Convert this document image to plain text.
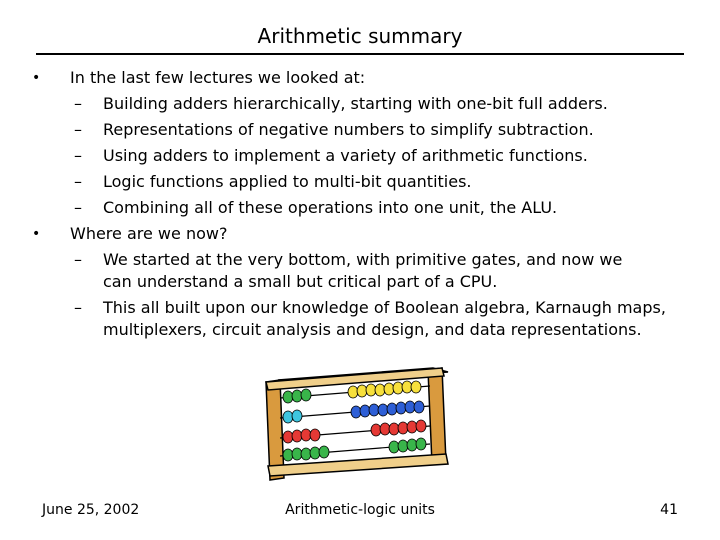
Arithmetic summary
• In the last few lectures we looked at:
– Building adders hierarchically, starting with one-bit full adders.
– Representations of negative numbers to simplify subtraction.
– Using adders to implement a variety of arithmetic functions.
– Logic functions applied to multi-bit quantities.
– Combining all of these operations into one unit, the ALU.
• Where are we now?
– We started at the very bottom, with primitive gates, and now we
can understand a small but critical part of a CPU.
– This all built upon our knowledge of Boolean algebra, Karnaugh maps,
multiplexers, circuit analysis and design, and data representations.
June 25, 2002	Arithmetic-logic units	41
